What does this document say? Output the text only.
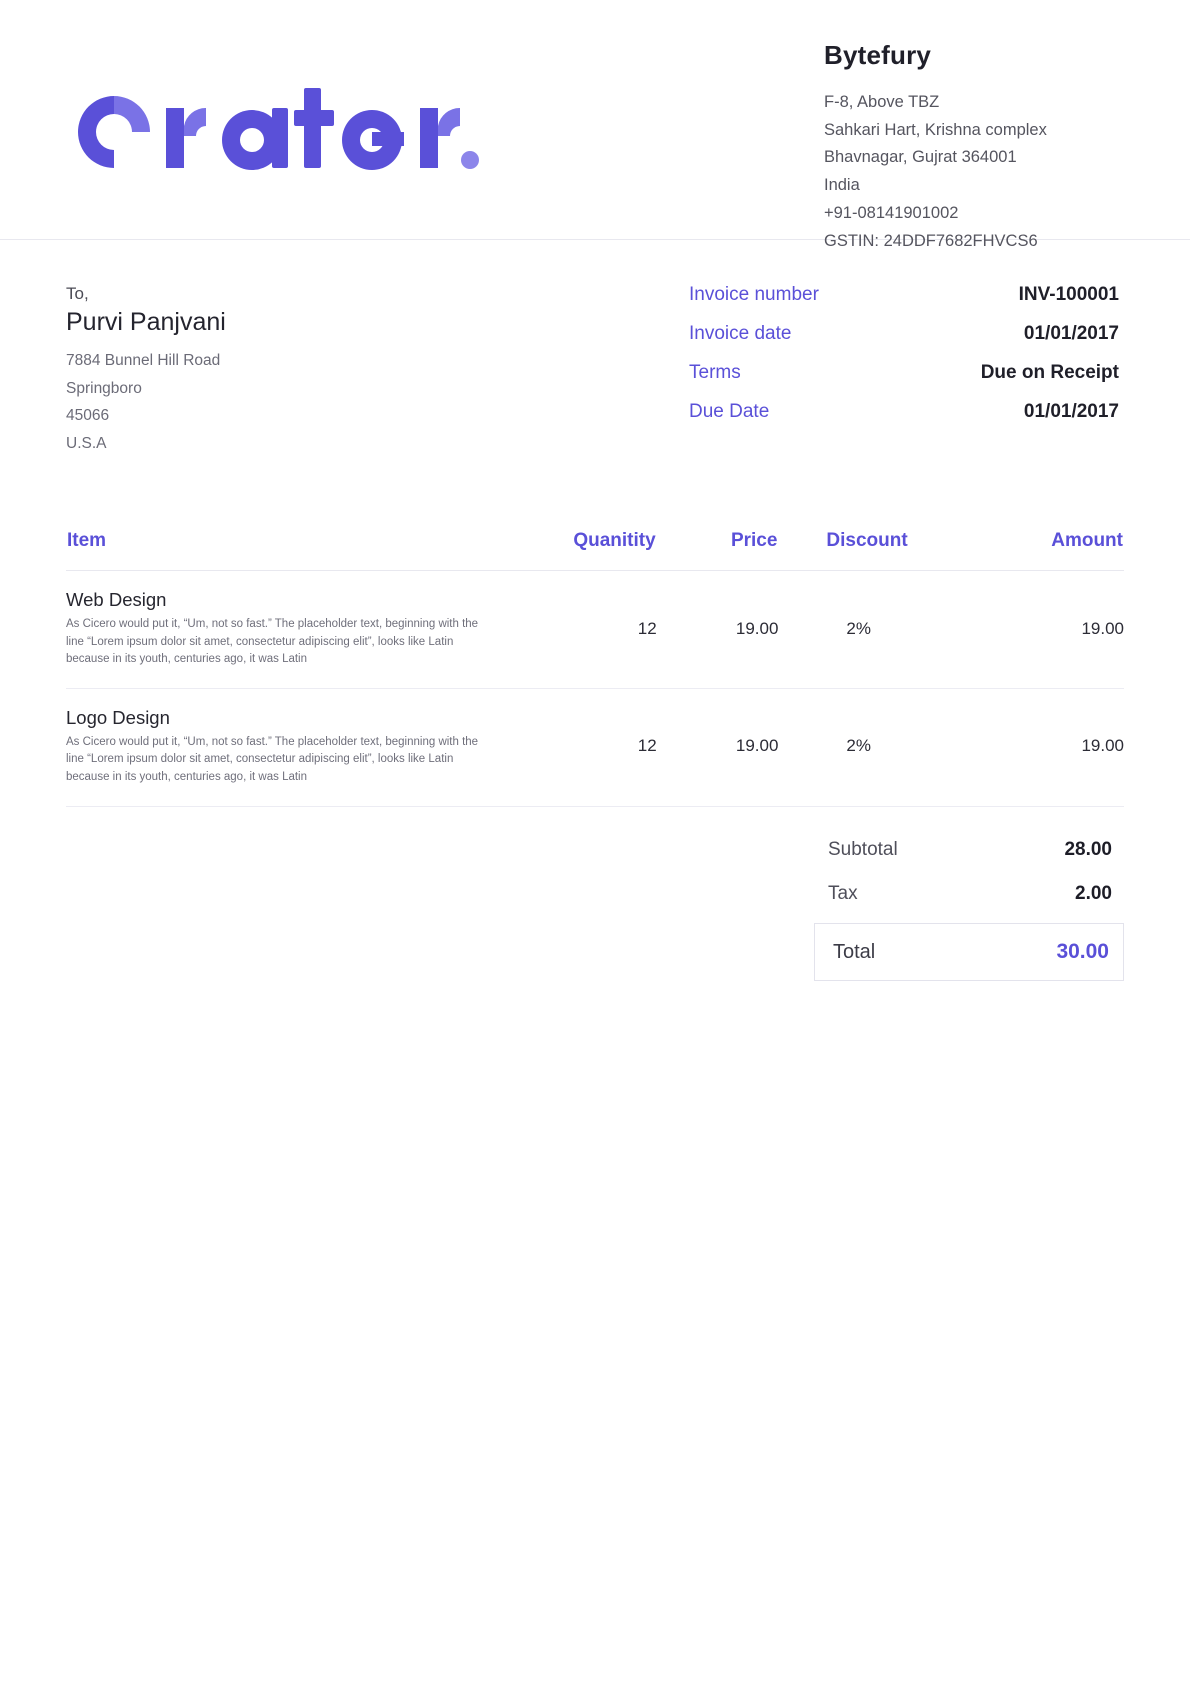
Bytefury
F-8, Above TBZ
Sahkari Hart, Krishna complex
Bhavnagar, Gujrat 364001
India
+91-08141901002
GSTIN: 24DDF7682FHVCS6
To,
Purvi Panjvani
7884 Bunnel Hill Road
Springboro
45066
U.S.A
Invoice number	INV-100001
Invoice date	01/01/2017
Terms	Due on Receipt
Due Date	01/01/2017
Item	Quanitity	Price	Discount	Amount

Web Design
As Cicero would put it, “Um, not so fast.” The placeholder text, beginning with the line “Lorem ipsum dolor sit amet, consectetur adipiscing elit”, looks like Latin because in its youth, centuries ago, it was Latin	12	19.00	2%	19.00

Logo Design
As Cicero would put it, “Um, not so fast.” The placeholder text, beginning with the line “Lorem ipsum dolor sit amet, consectetur adipiscing elit”, looks like Latin because in its youth, centuries ago, it was Latin	12	19.00	2%	19.00
Subtotal	28.00
Tax	2.00
Total	30.00
